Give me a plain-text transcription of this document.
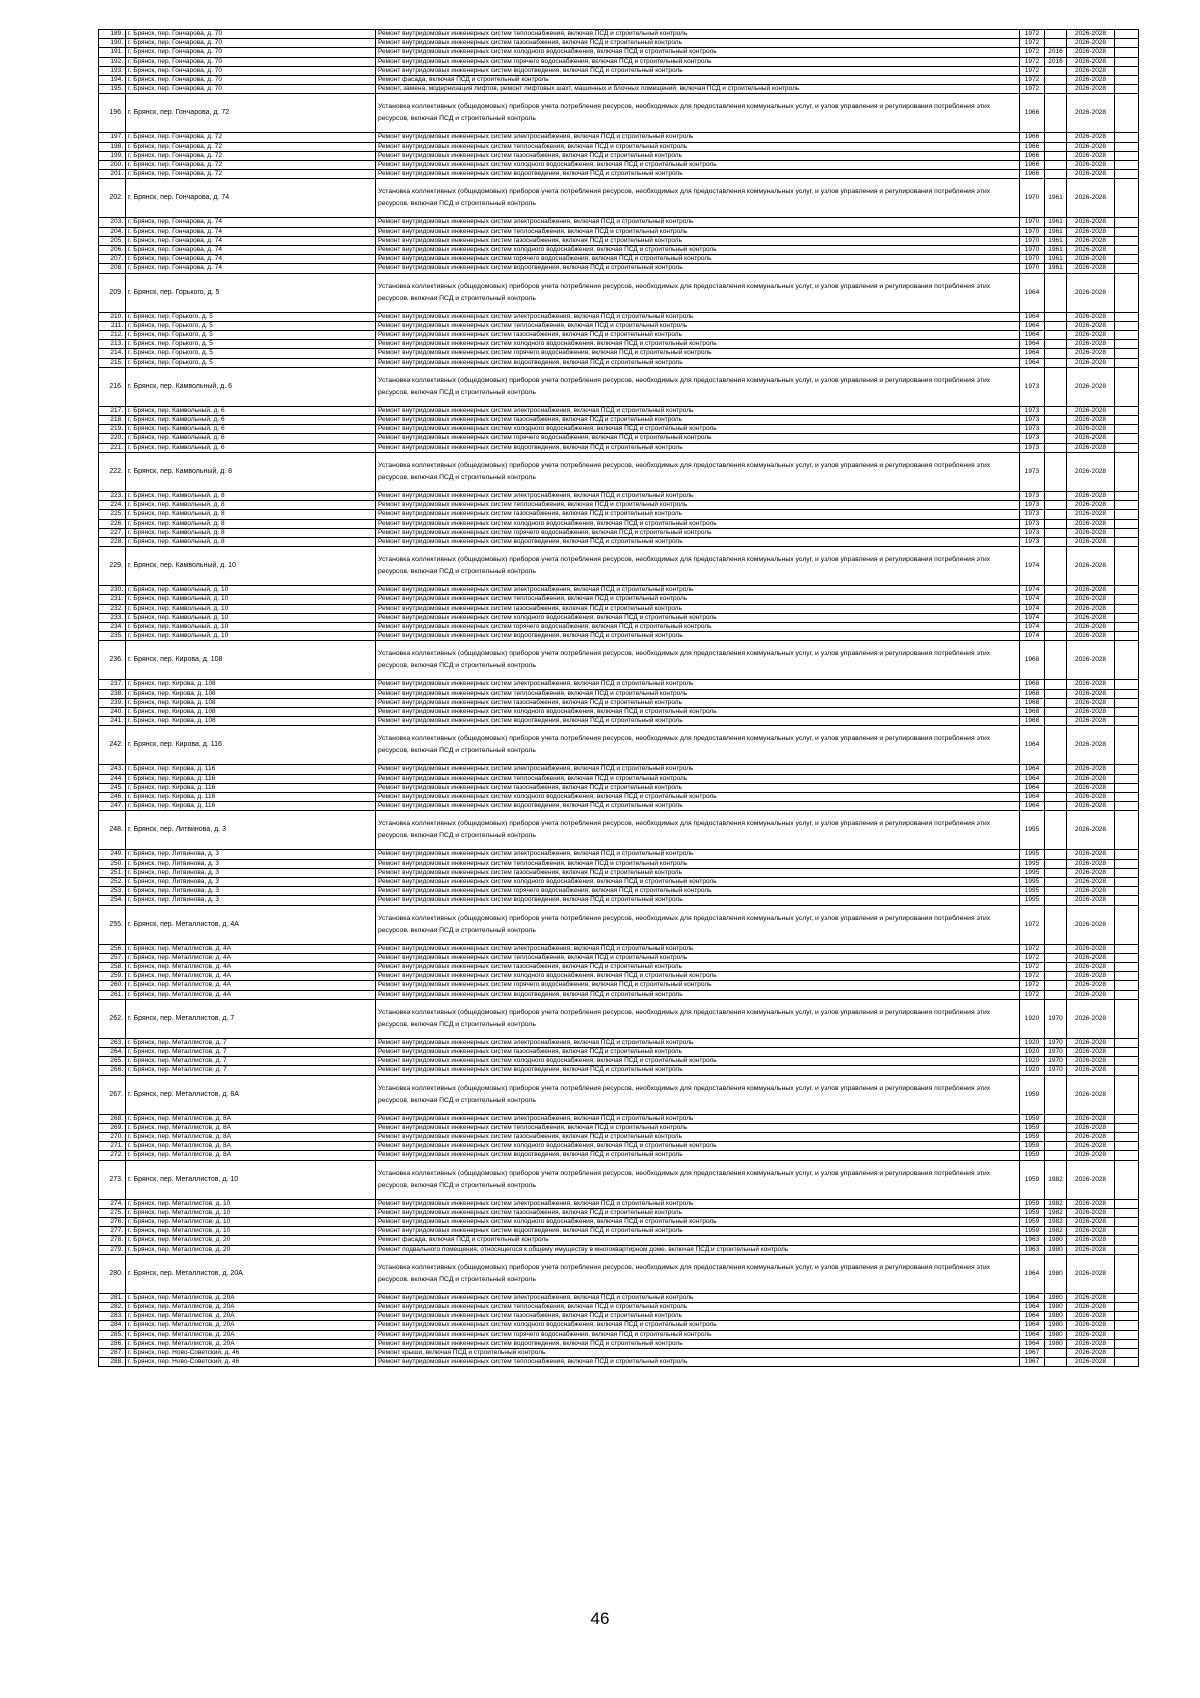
189.	г. Брянск, пер. Гончарова, д. 70	Ремонт внутридомовых инженерных систем теплоснабжения, включая ПСД и строительный контроль	1972		2026-2028	
190.	г. Брянск, пер. Гончарова, д. 70	Ремонт внутридомовых инженерных систем газоснабжения, включая ПСД и строительный контроль	1972		2026-2028	
191.	г. Брянск, пер. Гончарова, д. 70	Ремонт внутридомовых инженерных систем холодного водоснабжения, включая ПСД и строительный контроль	1972	2016	2026-2028	
192.	г. Брянск, пер. Гончарова, д. 70	Ремонт внутридомовых инженерных систем горячего водоснабжения, включая ПСД и строительный контроль	1972	2016	2026-2028	
193.	г. Брянск, пер. Гончарова, д. 70	Ремонт внутридомовых инженерных систем водоотведения, включая ПСД и строительный контроль	1972		2026-2028	
194.	г. Брянск, пер. Гончарова, д. 70	Ремонт фасада, включая ПСД и строительный контроль	1972		2026-2028	
195.	г. Брянск, пер. Гончарова, д. 70	Ремонт, замена, модернизация лифтов, ремонт лифтовых шахт, машинных и блочных помещений, включая ПСД и строительный контроль	1972		2026-2028	
196.	г. Брянск, пер. Гончарова, д. 72	Установка коллективных (общедомовых) приборов учета потребления ресурсов, необходимых для предоставления коммунальных услуг, и узлов управления и регулирования потребления этих ресурсов, включая ПСД и строительный контроль	1966		2026-2028	
197.	г. Брянск, пер. Гончарова, д. 72	Ремонт внутридомовых инженерных систем электроснабжения, включая ПСД и строительный контроль	1966		2026-2028	
198.	г. Брянск, пер. Гончарова, д. 72	Ремонт внутридомовых инженерных систем теплоснабжения, включая ПСД и строительный контроль	1966		2026-2028	
199.	г. Брянск, пер. Гончарова, д. 72	Ремонт внутридомовых инженерных систем газоснабжения, включая ПСД и строительный контроль	1966		2026-2028	
200.	г. Брянск, пер. Гончарова, д. 72	Ремонт внутридомовых инженерных систем холодного водоснабжения, включая ПСД и строительный контроль	1966		2026-2028	
201.	г. Брянск, пер. Гончарова, д. 72	Ремонт внутридомовых инженерных систем водоотведения, включая ПСД и строительный контроль	1966		2026-2028	
202.	г. Брянск, пер. Гончарова, д. 74	Установка коллективных (общедомовых) приборов учета потребления ресурсов, необходимых для предоставления коммунальных услуг, и узлов управления и регулирования потребления этих ресурсов, включая ПСД и строительный контроль	1970	1961	2026-2028	
203.	г. Брянск, пер. Гончарова, д. 74	Ремонт внутридомовых инженерных систем электроснабжения, включая ПСД и строительный контроль	1970	1961	2026-2028	
204.	г. Брянск, пер. Гончарова, д. 74	Ремонт внутридомовых инженерных систем теплоснабжения, включая ПСД и строительный контроль	1970	1961	2026-2028	
205.	г. Брянск, пер. Гончарова, д. 74	Ремонт внутридомовых инженерных систем газоснабжения, включая ПСД и строительный контроль	1970	1961	2026-2028	
206.	г. Брянск, пер. Гончарова, д. 74	Ремонт внутридомовых инженерных систем холодного водоснабжения, включая ПСД и строительный контроль	1970	1961	2026-2028	
207.	г. Брянск, пер. Гончарова, д. 74	Ремонт внутридомовых инженерных систем горячего водоснабжения, включая ПСД и строительный контроль	1970	1961	2026-2028	
208.	г. Брянск, пер. Гончарова, д. 74	Ремонт внутридомовых инженерных систем водоотведения, включая ПСД и строительный контроль	1970	1961	2026-2028	
209.	г. Брянск, пер. Горького, д. 5	Установка коллективных (общедомовых) приборов учета потребления ресурсов, необходимых для предоставления коммунальных услуг, и узлов управления и регулирования потребления этих ресурсов, включая ПСД и строительный контроль	1964		2026-2028	
210.	г. Брянск, пер. Горького, д. 5	Ремонт внутридомовых инженерных систем электроснабжения, включая ПСД и строительный контроль	1964		2026-2028	
211.	г. Брянск, пер. Горького, д. 5	Ремонт внутридомовых инженерных систем теплоснабжения, включая ПСД и строительный контроль	1964		2026-2028	
212.	г. Брянск, пер. Горького, д. 5	Ремонт внутридомовых инженерных систем газоснабжения, включая ПСД и строительный контроль	1964		2026-2028	
213.	г. Брянск, пер. Горького, д. 5	Ремонт внутридомовых инженерных систем холодного водоснабжения, включая ПСД и строительный контроль	1964		2026-2028	
214.	г. Брянск, пер. Горького, д. 5	Ремонт внутридомовых инженерных систем горячего водоснабжения, включая ПСД и строительный контроль	1964		2026-2028	
215.	г. Брянск, пер. Горького, д. 5	Ремонт внутридомовых инженерных систем водоотведения, включая ПСД и строительный контроль	1964		2026-2028	
216.	г. Брянск, пер. Камвольный, д. 6	Установка коллективных (общедомовых) приборов учета потребления ресурсов, необходимых для предоставления коммунальных услуг, и узлов управления и регулирования потребления этих ресурсов, включая ПСД и строительный контроль	1973		2026-2028	
217.	г. Брянск, пер. Камвольный, д. 6	Ремонт внутридомовых инженерных систем электроснабжения, включая ПСД и строительный контроль	1973		2026-2028	
218.	г. Брянск, пер. Камвольный, д. 6	Ремонт внутридомовых инженерных систем газоснабжения, включая ПСД и строительный контроль	1973		2026-2028	
219.	г. Брянск, пер. Камвольный, д. 6	Ремонт внутридомовых инженерных систем холодного водоснабжения, включая ПСД и строительный контроль	1973		2026-2028	
220.	г. Брянск, пер. Камвольный, д. 6	Ремонт внутридомовых инженерных систем горячего водоснабжения, включая ПСД и строительный контроль	1973		2026-2028	
221.	г. Брянск, пер. Камвольный, д. 6	Ремонт внутридомовых инженерных систем водоотведения, включая ПСД и строительный контроль	1973		2026-2028	
222.	г. Брянск, пер. Камвольный, д. 8	Установка коллективных (общедомовых) приборов учета потребления ресурсов, необходимых для предоставления коммунальных услуг, и узлов управления и регулирования потребления этих ресурсов, включая ПСД и строительный контроль	1973		2026-2028	
223.	г. Брянск, пер. Камвольный, д. 8	Ремонт внутридомовых инженерных систем электроснабжения, включая ПСД и строительный контроль	1973		2026-2028	
224.	г. Брянск, пер. Камвольный, д. 8	Ремонт внутридомовых инженерных систем теплоснабжения, включая ПСД и строительный контроль	1973		2026-2028	
225.	г. Брянск, пер. Камвольный, д. 8	Ремонт внутридомовых инженерных систем газоснабжения, включая ПСД и строительный контроль	1973		2026-2028	
226.	г. Брянск, пер. Камвольный, д. 8	Ремонт внутридомовых инженерных систем холодного водоснабжения, включая ПСД и строительный контроль	1973		2026-2028	
227.	г. Брянск, пер. Камвольный, д. 8	Ремонт внутридомовых инженерных систем горячего водоснабжения, включая ПСД и строительный контроль	1973		2026-2028	
228.	г. Брянск, пер. Камвольный, д. 8	Ремонт внутридомовых инженерных систем водоотведения, включая ПСД и строительный контроль	1973		2026-2028	
229.	г. Брянск, пер. Камвольный, д. 10	Установка коллективных (общедомовых) приборов учета потребления ресурсов, необходимых для предоставления коммунальных услуг, и узлов управления и регулирования потребления этих ресурсов, включая ПСД и строительный контроль	1974		2026-2028	
230.	г. Брянск, пер. Камвольный, д. 10	Ремонт внутридомовых инженерных систем электроснабжения, включая ПСД и строительный контроль	1974		2026-2028	
231.	г. Брянск, пер. Камвольный, д. 10	Ремонт внутридомовых инженерных систем теплоснабжения, включая ПСД и строительный контроль	1974		2026-2028	
232.	г. Брянск, пер. Камвольный, д. 10	Ремонт внутридомовых инженерных систем газоснабжения, включая ПСД и строительный контроль	1974		2026-2028	
233.	г. Брянск, пер. Камвольный, д. 10	Ремонт внутридомовых инженерных систем холодного водоснабжения, включая ПСД и строительный контроль	1974		2026-2028	
234.	г. Брянск, пер. Камвольный, д. 10	Ремонт внутридомовых инженерных систем горячего водоснабжения, включая ПСД и строительный контроль	1974		2026-2028	
235.	г. Брянск, пер. Камвольный, д. 10	Ремонт внутридомовых инженерных систем водоотведения, включая ПСД и строительный контроль	1974		2026-2028	
236.	г. Брянск, пер. Кирова, д. 108	Установка коллективных (общедомовых) приборов учета потребления ресурсов, необходимых для предоставления коммунальных услуг, и узлов управления и регулирования потребления этих ресурсов, включая ПСД и строительный контроль	1968		2026-2028	
237.	г. Брянск, пер. Кирова, д. 108	Ремонт внутридомовых инженерных систем электроснабжения, включая ПСД и строительный контроль	1968		2026-2028	
238.	г. Брянск, пер. Кирова, д. 108	Ремонт внутридомовых инженерных систем теплоснабжения, включая ПСД и строительный контроль	1968		2026-2028	
239.	г. Брянск, пер. Кирова, д. 108	Ремонт внутридомовых инженерных систем газоснабжения, включая ПСД и строительный контроль	1968		2026-2028	
240.	г. Брянск, пер. Кирова, д. 108	Ремонт внутридомовых инженерных систем холодного водоснабжения, включая ПСД и строительный контроль	1968		2026-2028	
241.	г. Брянск, пер. Кирова, д. 108	Ремонт внутридомовых инженерных систем водоотведения, включая ПСД и строительный контроль	1968		2026-2028	
242.	г. Брянск, пер. Кирова, д. 116	Установка коллективных (общедомовых) приборов учета потребления ресурсов, необходимых для предоставления коммунальных услуг, и узлов управления и регулирования потребления этих ресурсов, включая ПСД и строительный контроль	1964		2026-2028	
243.	г. Брянск, пер. Кирова, д. 116	Ремонт внутридомовых инженерных систем электроснабжения, включая ПСД и строительный контроль	1964		2026-2028	
244.	г. Брянск, пер. Кирова, д. 116	Ремонт внутридомовых инженерных систем теплоснабжения, включая ПСД и строительный контроль	1964		2026-2028	
245.	г. Брянск, пер. Кирова, д. 116	Ремонт внутридомовых инженерных систем газоснабжения, включая ПСД и строительный контроль	1964		2026-2028	
246.	г. Брянск, пер. Кирова, д. 116	Ремонт внутридомовых инженерных систем холодного водоснабжения, включая ПСД и строительный контроль	1964		2026-2028	
247.	г. Брянск, пер. Кирова, д. 116	Ремонт внутридомовых инженерных систем водоотведения, включая ПСД и строительный контроль	1964		2026-2028	
248.	г. Брянск, пер. Литвинова, д. 3	Установка коллективных (общедомовых) приборов учета потребления ресурсов, необходимых для предоставления коммунальных услуг, и узлов управления и регулирования потребления этих ресурсов, включая ПСД и строительный контроль	1995		2026-2028	
249.	г. Брянск, пер. Литвинова, д. 3	Ремонт внутридомовых инженерных систем электроснабжения, включая ПСД и строительный контроль	1995		2026-2028	
250.	г. Брянск, пер. Литвинова, д. 3	Ремонт внутридомовых инженерных систем теплоснабжения, включая ПСД и строительный контроль	1995		2026-2028	
251.	г. Брянск, пер. Литвинова, д. 3	Ремонт внутридомовых инженерных систем газоснабжения, включая ПСД и строительный контроль	1995		2026-2028	
252.	г. Брянск, пер. Литвинова, д. 3	Ремонт внутридомовых инженерных систем холодного водоснабжения, включая ПСД и строительный контроль	1995		2026-2028	
253.	г. Брянск, пер. Литвинова, д. 3	Ремонт внутридомовых инженерных систем горячего водоснабжения, включая ПСД и строительный контроль	1995		2026-2028	
254.	г. Брянск, пер. Литвинова, д. 3	Ремонт внутридомовых инженерных систем водоотведения, включая ПСД и строительный контроль	1995		2026-2028	
255.	г. Брянск, пер. Металлистов, д. 4А	Установка коллективных (общедомовых) приборов учета потребления ресурсов, необходимых для предоставления коммунальных услуг, и узлов управления и регулирования потребления этих ресурсов, включая ПСД и строительный контроль	1972		2026-2028	
256.	г. Брянск, пер. Металлистов, д. 4А	Ремонт внутридомовых инженерных систем электроснабжения, включая ПСД и строительный контроль	1972		2026-2028	
257.	г. Брянск, пер. Металлистов, д. 4А	Ремонт внутридомовых инженерных систем теплоснабжения, включая ПСД и строительный контроль	1972		2026-2028	
258.	г. Брянск, пер. Металлистов, д. 4А	Ремонт внутридомовых инженерных систем газоснабжения, включая ПСД и строительный контроль	1972		2026-2028	
259.	г. Брянск, пер. Металлистов, д. 4А	Ремонт внутридомовых инженерных систем холодного водоснабжения, включая ПСД и строительный контроль	1972		2026-2028	
260.	г. Брянск, пер. Металлистов, д. 4А	Ремонт внутридомовых инженерных систем горячего водоснабжения, включая ПСД и строительный контроль	1972		2026-2028	
261.	г. Брянск, пер. Металлистов, д. 4А	Ремонт внутридомовых инженерных систем водоотведения, включая ПСД и строительный контроль	1972		2026-2028	
262.	г. Брянск, пер. Металлистов, д. 7	Установка коллективных (общедомовых) приборов учета потребления ресурсов, необходимых для предоставления коммунальных услуг, и узлов управления и регулирования потребления этих ресурсов, включая ПСД и строительный контроль	1920	1970	2026-2028	
263.	г. Брянск, пер. Металлистов, д. 7	Ремонт внутридомовых инженерных систем электроснабжения, включая ПСД и строительный контроль	1920	1970	2026-2028	
264.	г. Брянск, пер. Металлистов, д. 7	Ремонт внутридомовых инженерных систем газоснабжения, включая ПСД и строительный контроль	1920	1970	2026-2028	
265.	г. Брянск, пер. Металлистов, д. 7	Ремонт внутридомовых инженерных систем холодного водоснабжения, включая ПСД и строительный контроль	1920	1970	2026-2028	
266.	г. Брянск, пер. Металлистов, д. 7	Ремонт внутридомовых инженерных систем водоотведения, включая ПСД и строительный контроль	1920	1970	2026-2028	
267.	г. Брянск, пер. Металлистов, д. 8А	Установка коллективных (общедомовых) приборов учета потребления ресурсов, необходимых для предоставления коммунальных услуг, и узлов управления и регулирования потребления этих ресурсов, включая ПСД и строительный контроль	1959		2026-2028	
268.	г. Брянск, пер. Металлистов, д. 8А	Ремонт внутридомовых инженерных систем электроснабжения, включая ПСД и строительный контроль	1959		2026-2028	
269.	г. Брянск, пер. Металлистов, д. 8А	Ремонт внутридомовых инженерных систем теплоснабжения, включая ПСД и строительный контроль	1959		2026-2028	
270.	г. Брянск, пер. Металлистов, д. 8А	Ремонт внутридомовых инженерных систем газоснабжения, включая ПСД и строительный контроль	1959		2026-2028	
271.	г. Брянск, пер. Металлистов, д. 8А	Ремонт внутридомовых инженерных систем холодного водоснабжения, включая ПСД и строительный контроль	1959		2026-2028	
272.	г. Брянск, пер. Металлистов, д. 8А	Ремонт внутридомовых инженерных систем водоотведения, включая ПСД и строительный контроль	1959		2026-2028	
273.	г. Брянск, пер. Металлистов, д. 10	Установка коллективных (общедомовых) приборов учета потребления ресурсов, необходимых для предоставления коммунальных услуг, и узлов управления и регулирования потребления этих ресурсов, включая ПСД и строительный контроль	1959	1982	2026-2028	
274.	г. Брянск, пер. Металлистов, д. 10	Ремонт внутридомовых инженерных систем электроснабжения, включая ПСД и строительный контроль	1959	1982	2026-2028	
275.	г. Брянск, пер. Металлистов, д. 10	Ремонт внутридомовых инженерных систем газоснабжения, включая ПСД и строительный контроль	1959	1982	2026-2028	
276.	г. Брянск, пер. Металлистов, д. 10	Ремонт внутридомовых инженерных систем холодного водоснабжения, включая ПСД и строительный контроль	1959	1982	2026-2028	
277.	г. Брянск, пер. Металлистов, д. 10	Ремонт внутридомовых инженерных систем водоотведения, включая ПСД и строительный контроль	1959	1982	2026-2028	
278.	г. Брянск, пер. Металлистов, д. 20	Ремонт фасада, включая ПСД и строительный контроль	1963	1980	2026-2028	
279.	г. Брянск, пер. Металлистов, д. 20	Ремонт подвального помещения, относящегося к общему имуществу в многоквартирном доме, включая ПСД и строительный контроль	1963	1980	2026-2028	
280.	г. Брянск, пер. Металлистов, д. 20А	Установка коллективных (общедомовых) приборов учета потребления ресурсов, необходимых для предоставления коммунальных услуг, и узлов управления и регулирования потребления этих ресурсов, включая ПСД и строительный контроль	1964	1980	2026-2028	
281.	г. Брянск, пер. Металлистов, д. 20А	Ремонт внутридомовых инженерных систем электроснабжения, включая ПСД и строительный контроль	1964	1980	2026-2028	
282.	г. Брянск, пер. Металлистов, д. 20А	Ремонт внутридомовых инженерных систем теплоснабжения, включая ПСД и строительный контроль	1964	1980	2026-2028	
283.	г. Брянск, пер. Металлистов, д. 20А	Ремонт внутридомовых инженерных систем газоснабжения, включая ПСД и строительный контроль	1964	1980	2026-2028	
284.	г. Брянск, пер. Металлистов, д. 20А	Ремонт внутридомовых инженерных систем холодного водоснабжения, включая ПСД и строительный контроль	1964	1980	2026-2028	
285.	г. Брянск, пер. Металлистов, д. 20А	Ремонт внутридомовых инженерных систем горячего водоснабжения, включая ПСД и строительный контроль	1964	1980	2026-2028	
286.	г. Брянск, пер. Металлистов, д. 20А	Ремонт внутридомовых инженерных систем водоотведения, включая ПСД и строительный контроль	1964	1980	2026-2028	
287.	г. Брянск, пер. Ново-Советский, д. 46	Ремонт крыши, включая ПСД и строительный контроль	1967		2026-2028	
288.	г. Брянск, пер. Ново-Советский, д. 46	Ремонт внутридомовых инженерных систем теплоснабжения, включая ПСД и строительный контроль	1967		2026-2028	
46
